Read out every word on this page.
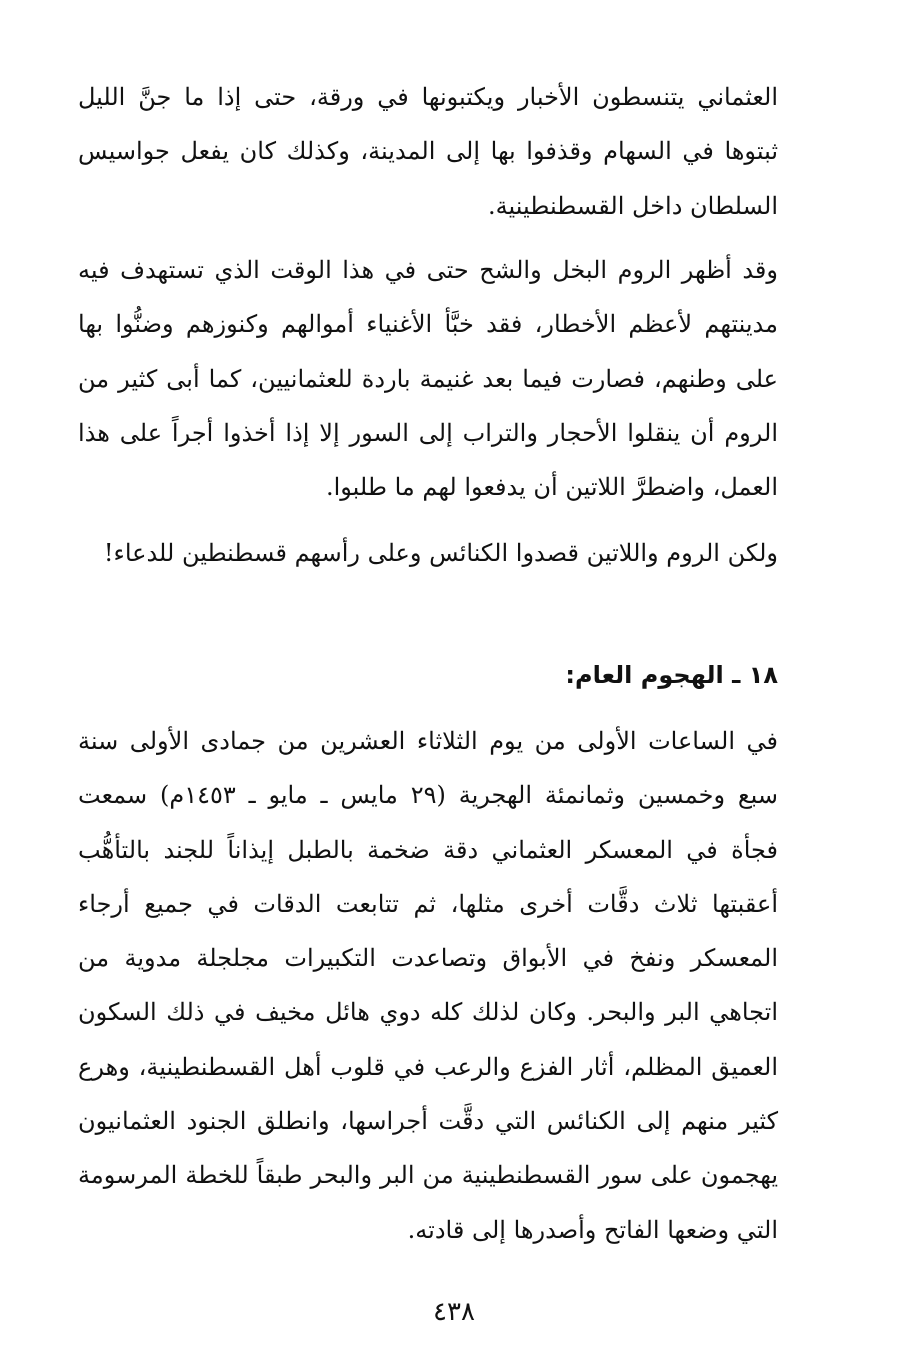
العثماني يتنسطون الأخبار ويكتبونها في ورقة، حتى إذا ما جنَّ الليل ثبتوها في السهام وقذفوا بها إلى المدينة، وكذلك كان يفعل جواسيس السلطان داخل القسطنطينية.

وقد أظهر الروم البخل والشح حتى في هذا الوقت الذي تستهدف فيه مدينتهم لأعظم الأخطار، فقد خبَّأ الأغنياء أموالهم وكنوزهم وضنُّوا بها على وطنهم، فصارت فيما بعد غنيمة باردة للعثمانيين، كما أبى كثير من الروم أن ينقلوا الأحجار والتراب إلى السور إلا إذا أخذوا أجراً على هذا العمل، واضطرَّ اللاتين أن يدفعوا لهم ما طلبوا.

ولكن الروم واللاتين قصدوا الكنائس وعلى رأسهم قسطنطين للدعاء!

١٨ ـ الهجوم العام:

في الساعات الأولى من يوم الثلاثاء العشرين من جمادى الأولى سنة سبع وخمسين وثمانمئة الهجرية (٢٩ مايس ـ مايو ـ ١٤٥٣م) سمعت فجأة في المعسكر العثماني دقة ضخمة بالطبل إيذاناً للجند بالتأهُّب أعقبتها ثلاث دقَّات أخرى مثلها، ثم تتابعت الدقات في جميع أرجاء المعسكر ونفخ في الأبواق وتصاعدت التكبيرات مجلجلة مدوية من اتجاهي البر والبحر. وكان لذلك كله دوي هائل مخيف في ذلك السكون العميق المظلم، أثار الفزع والرعب في قلوب أهل القسطنطينية، وهرع كثير منهم إلى الكنائس التي دقَّت أجراسها، وانطلق الجنود العثمانيون يهجمون على سور القسطنطينية من البر والبحر طبقاً للخطة المرسومة التي وضعها الفاتح وأصدرها إلى قادته.

٤٣٨
